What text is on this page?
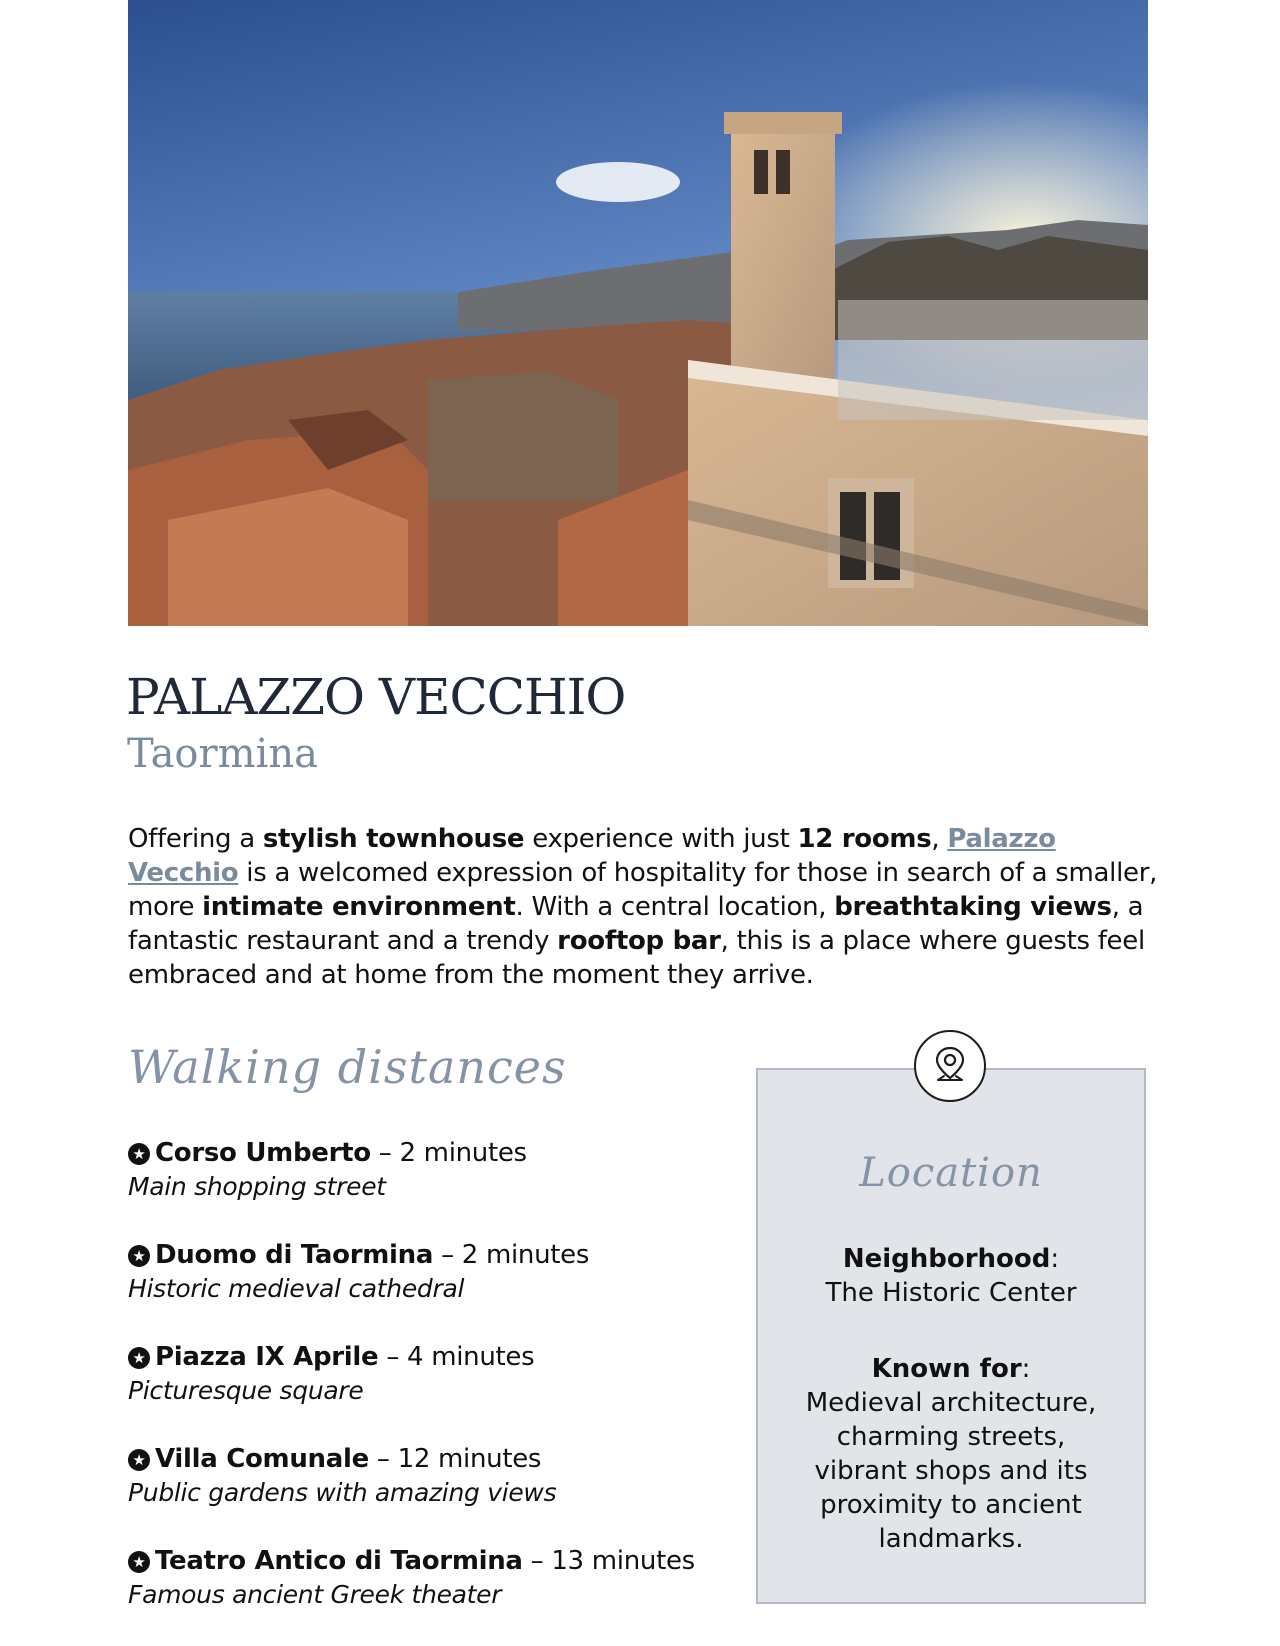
PALAZZO VECCHIO
Taormina

Offering a stylish townhouse experience with just 12 rooms, Palazzo Vecchio is a welcomed expression of hospitality for those in search of a smaller, more intimate environment. With a central location, breathtaking views, a fantastic restaurant and a trendy rooftop bar, this is a place where guests feel embraced and at home from the moment they arrive.

Walking distances
★ Corso Umberto – 2 minutes
Main shopping street
★ Duomo di Taormina – 2 minutes
Historic medieval cathedral
★ Piazza IX Aprile – 4 minutes
Picturesque square
★ Villa Comunale – 12 minutes
Public gardens with amazing views
★ Teatro Antico di Taormina – 13 minutes
Famous ancient Greek theater
Location
Neighborhood:
The Historic Center
Known for:
Medieval architecture, charming streets, vibrant shops and its proximity to ancient landmarks.
